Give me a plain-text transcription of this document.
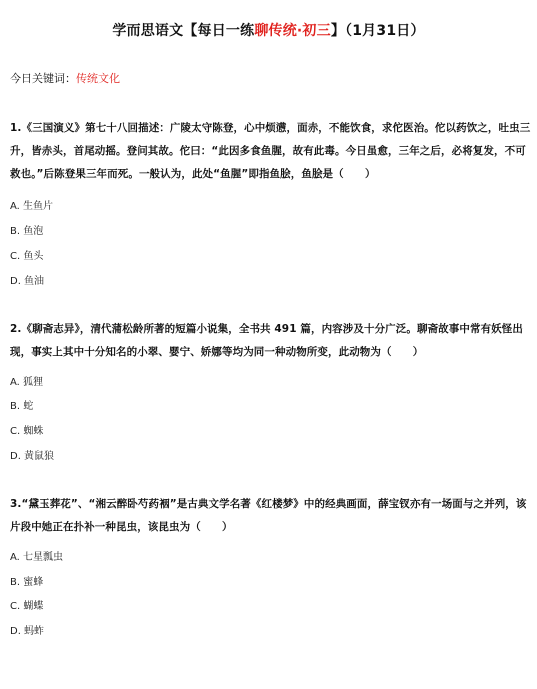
学而思语文【每日一练聊传统·初三】（1月31日）
今日关键词：传统文化
1.《三国演义》第七十八回描述：广陵太守陈登，心中烦懑，面赤，不能饮食，求佗医治。佗以药饮之，吐虫三升，皆赤头，首尾动摇。登问其故。佗曰：“此因多食鱼腥，故有此毒。今日虽愈，三年之后，必将复发，不可救也。”后陈登果三年而死。一般认为，此处“鱼腥”即指鱼脍，鱼脍是（　　）
A. 生鱼片
B. 鱼泡
C. 鱼头
D. 鱼油
2.《聊斋志异》，清代蒲松龄所著的短篇小说集，全书共 491 篇，内容涉及十分广泛。聊斋故事中常有妖怪出现，事实上其中十分知名的小翠、婴宁、娇娜等均为同一种动物所变，此动物为（　　）
A. 狐狸
B. 蛇
C. 蜘蛛
D. 黄鼠狼
3.“黛玉葬花”、“湘云醉卧芍药裀”是古典文学名著《红楼梦》中的经典画面，薛宝钗亦有一场面与之并列，该片段中她正在扑补一种昆虫，该昆虫为（　　）
A. 七星瓢虫
B. 蜜蜂
C. 蝴蝶
D. 蚂蚱
